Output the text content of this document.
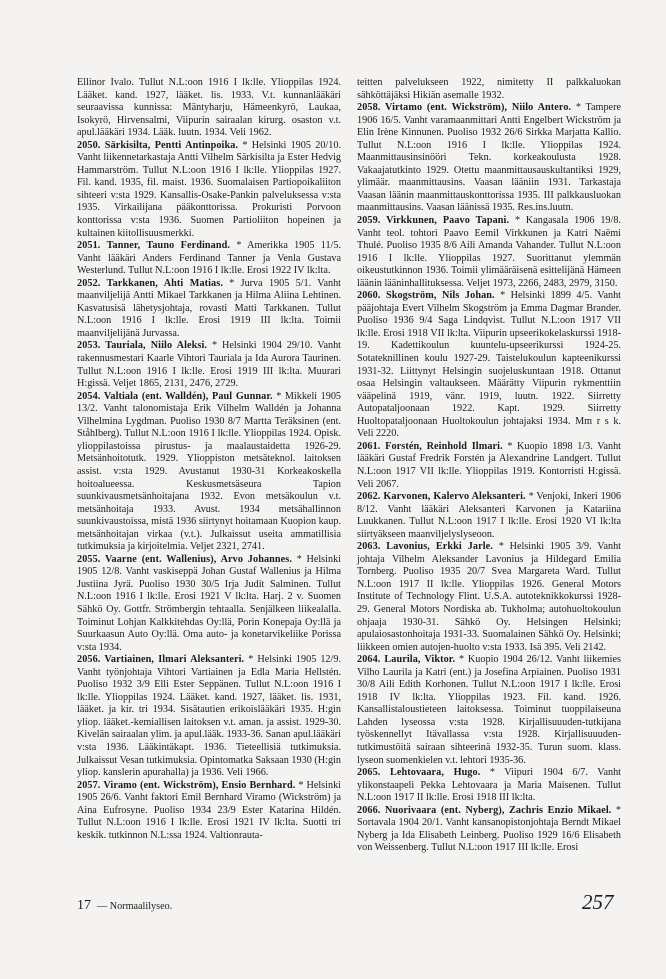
Ellinor Ivalo. Tullut N.L:oon 1916 I lk:lle. Ylioppilas 1924. Lääket. kand. 1927, lääket. lis. 1933. V.t. kunnanlääkäri seuraavissa kunnissa: Mäntyharju, Hämeenkyrö, Laukaa, Isokyrö, Hirvensalmi, Viipurin sairaalan kirurg. osaston v.t. apul.lääkäri 1934. Lääk. luutn. 1934. Veli 1962.

2050. Särkisilta, Pentti Antinpoika. * Helsinki 1905 20/10. Vanht liikennetarkastaja Antti Vilhelm Särkisilta ja Ester Hedvig Hammarström. Tullut N.L:oon 1916 I lk:lle. Ylioppilas 1927. Fil. kand. 1935, fil. maist. 1936. Suomalaisen Partiopoikaliiton sihteeri v:sta 1929. Kansallis-Osake-Pankin palveluksessa v:sta 1935. Virkailijana pääkonttorissa. Prokuristi Porvoon konttorissa v:sta 1936. Suomen Partioliiton hopeinen ja kultainen kiitollisuusmerkki.

2051. Tanner, Tauno Ferdinand. * Amerikka 1905 11/5. Vanht lääkäri Anders Ferdinand Tanner ja Venla Gustava Westerlund. Tullut N.L:oon 1916 I lk:lle. Erosi 1922 IV lk:lta.

2052. Tarkkanen, Ahti Matias. * Jurva 1905 5/1. Vanht maanviljelijä Antti Mikael Tarkkanen ja Hilma Aliina Lehtinen. Kasvatusisä lähetysjohtaja, rovasti Matti Tarkkanen. Tullut N.L:oon 1916 I lk:lle. Erosi 1919 III lk:lta. Toimii maanviljelijänä Jurvassa.

2053. Tauriala, Niilo Aleksi. * Helsinki 1904 29/10. Vanht rakennusmestari Kaarle Vihtori Tauriala ja Ida Aurora Taurinen. Tullut N.L:oon 1916 I lk:lle. Erosi 1919 III lk:lta. Muurari H:gissä. Veljet 1865, 2131, 2476, 2729.

2054. Valtiala (ent. Walldén), Paul Gunnar. * Mikkeli 1905 13/2. Vanht talonomistaja Erik Vilhelm Walldén ja Johanna Vilhelmina Lygdman. Puoliso 1930 8/7 Martta Teräksinen (ent. Ståhlberg). Tullut N.L:oon 1916 I lk:lle. Ylioppilas 1924. Opisk. ylioppilastoissa pirustus- ja maalaustaidetta 1926-29. Metsänhoitotutk. 1929. Ylioppiston metsäteknol. laitoksen assist. v:sta 1929. Avustanut 1930-31 Korkeakoskella hoitoalueessa. Keskusmetsäseura Tapion suunkivausmetsänhoitajana 1932. Evon metsäkoulun v.t. metsänhoitaja 1933. Avust. 1934 metsähallinnon suunkivaustoissa, mistä 1936 siirtynyt hoitamaan Kuopion kaup. metsänhoitajan virkaa (v.t.). Julkaissut useita ammatillisia tutkimuksia ja kirjoitelmia. Veljet 2321, 2741.

2055. Vaarne (ent. Wallenius), Arvo Johannes. * Helsinki 1905 12/8. Vanht vaskiseppä Johan Gustaf Wallenius ja Hilma Justiina Jyrä. Puoliso 1930 30/5 Irja Judit Salminen. Tullut N.L:oon 1916 I lk:lle. Erosi 1921 V lk:lta. Harj. 2 v. Suomen Sähkö Oy. Gottfr. Strömbergin tehtaalla. Senjälkeen liikealalla. Toiminut Lohjan Kalkkitehdas Oy:llä, Porin Konepaja Oy:llä ja Suurkaasun Auto Oy:llä. Oma auto- ja konetarvikeliike Porissa v:sta 1934.

2056. Vartiainen, Ilmari Aleksanteri. * Helsinki 1905 12/9. Vanht työnjohtaja Vihtori Vartiainen ja Edla Maria Hellstén. Puoliso 1932 3/9 Elli Ester Seppänen. Tullut N.L:oon 1916 I lk:lle. Ylioppilas 1924. Lääket. kand. 1927, lääket. lis. 1931, lääket. ja kir. tri 1934. Sisätautien erikoislääkäri 1935. H:gin yliop. lääket.-kemiallisen laitoksen v.t. aman. ja assist. 1929-30. Kivelän sairaalan ylim. ja apul.lääk. 1933-36. Sanan apul.lääkäri v:sta 1936. Lääkintäkapt. 1936. Tieteellisiä tutkimuksia. Julkaissut Vesan tutkimuksia. Opintomatka Saksaan 1930 (H:gin yliop. kanslerin apurahalla) ja 1936. Veli 1966.

2057. Viramo (ent. Wickström), Ensio Bernhard. * Helsinki 1905 26/6. Vanht faktori Emil Bernhard Viramo (Wickström) ja Aina Eufrosyne. Puoliso 1934 23/9 Ester Katarina Hildén. Tullut N.L:oon 1916 I lk:lle. Erosi 1921 IV lk:lta. Suotti tri keskik. tutkinnon N.L:ssa 1924. Valtionrauta-

teitten palvelukseen 1922, nimitetty II palkkaluokan sähköttäjäksi Hikiän asemalle 1932.

2058. Virtamo (ent. Wickström), Niilo Antero. * Tampere 1906 16/5. Vanht varamaanmittari Antti Engelbert Wickström ja Elin Irène Kinnunen. Puoliso 1932 26/6 Sirkka Marjatta Kallio. Tullut N.L:oon 1916 I lk:lle. Ylioppilas 1924. Maanmittausinsinööri Tekn. korkeakoulusta 1928. Vakaajatutkinto 1929. Otettu maanmittausauskultantiksi 1929, ylimäär. maanmittausins. Vaasan lääniin 1931. Tarkastaja Vaasan läänin maanmittauskonttorissa 1935. III palkkausluokan maanmittausins. Vaasan läänissä 1935. Res.ins.luutn.

2059. Virkkunen, Paavo Tapani. * Kangasala 1906 19/8. Vanht teol. tohtori Paavo Eemil Virkkunen ja Katri Naëmi Thulé. Puoliso 1935 8/6 Aili Amanda Vahander. Tullut N.L:oon 1916 I lk:lle. Ylioppilas 1927. Suorittanut ylemmän oikeustutkinnon 1936. Toimii ylimääräisenä esittelijänä Hämeen läänin lääninhallituksessa. Veljet 1973, 2266, 2483, 2979, 3150.

2060. Skogström, Nils Johan. * Helsinki 1899 4/5. Vanht pääjohtaja Evert Vilhelm Skogström ja Emma Dagmar Brander. Puoliso 1936 9/4 Saga Lindqvist. Tullut N.L:oon 1917 VII lk:lle. Erosi 1918 VII lk:lta. Viipurin upseerikokelaskurssi 1918-19. Kadettikoulun kuuntelu-upseerikurssi 1924-25. Sotateknillinen koulu 1927-29. Taistelukoulun kapteenikurssi 1931-32. Liittynyt Helsingin suojeluskuntaan 1918. Ottanut osaa Helsingin valtaukseen. Määrätty Viipurin rykmenttiin vääpelinä 1919, vänr. 1919, luutn. 1922. Siirretty Autopataljoonaan 1922. Kapt. 1929. Siirretty Huoltopataljoonaan Huoltokoulun johtajaksi 1934. Mm r s k. Veli 2220.

2061. Forstén, Reinhold Ilmari. * Kuopio 1898 1/3. Vanht lääkäri Gustaf Fredrik Forstén ja Alexandrine Landgert. Tullut N.L:oon 1917 VII lk:lle. Ylioppilas 1919. Kontorristi H:gissä. Veli 2067.

2062. Karvonen, Kalervo Aleksanteri. * Venjoki, Inkeri 1906 8/12. Vanht lääkäri Aleksanteri Karvonen ja Katariina Luukkanen. Tullut N.L:oon 1917 I lk:lle. Erosi 1920 VI lk:lta siirtyäkseen maanviljelyslyseoon.

2063. Lavonius, Erkki Jarle. * Helsinki 1905 3/9. Vanht johtaja Vilhelm Aleksander Lavonius ja Hildegard Emilia Tornberg. Puoliso 1935 20/7 Svea Margareta Ward. Tullut N.L:oon 1917 II lk:lle. Ylioppilas 1926. General Motors Institute of Technology Flint. U.S.A. autoteknikkokurssi 1928-29. General Motors Nordiska ab. Tukholma; autohuoltokoulun ohjaaja 1930-31. Sähkö Oy. Helsingen Helsinki; apulaiosastonhoitaja 1931-33. Suomalainen Sähkö Oy. Helsinki; liikkeen omien autojen-huolto v:sta 1933. Isä 395. Veli 2142.

2064. Laurila, Viktor. * Kuopio 1904 26/12. Vanht liikemies Vilho Laurila ja Katri (ent.) ja Josefina Arpiainen. Puoliso 1931 30/8 Aili Edith Korhonen. Tullut N.L:oon 1917 I lk:lle. Erosi 1918 IV lk:lta. Ylioppilas 1923. Fil. kand. 1926. Kansallistaloustieteen laitoksessa. Toiminut tuoppilaiseuna Lahden lyseossa v:sta 1928. Kirjallisuuuden-tutkijana työskennellyt Itävallassa v:sta 1928. Kirjallisuuuden-tutkimustöitä sairaan sihteerinä 1932-35. Turun suom. klass. lyseon suomenkielen v.t. lehtori 1935-36.

2065. Lehtovaara, Hugo. * Viipuri 1904 6/7. Vanht ylikonstaapeli Pekka Lehtovaara ja Maria Maisenen. Tullut N.L:oon 1917 II lk:lle. Erosi 1918 III lk:lta.

2066. Nuorivaara (ent. Nyberg), Zachris Enzio Mikael. * Sortavala 1904 20/1. Vanht kansanopistonjohtaja Berndt Mikael Nyberg ja Ida Elisabeth Leinberg. Puoliso 1929 16/6 Elisabeth von Weissenberg. Tullut N.L:oon 1917 III lk:lle. Erosi

17 — Normaalilyseo.	257
